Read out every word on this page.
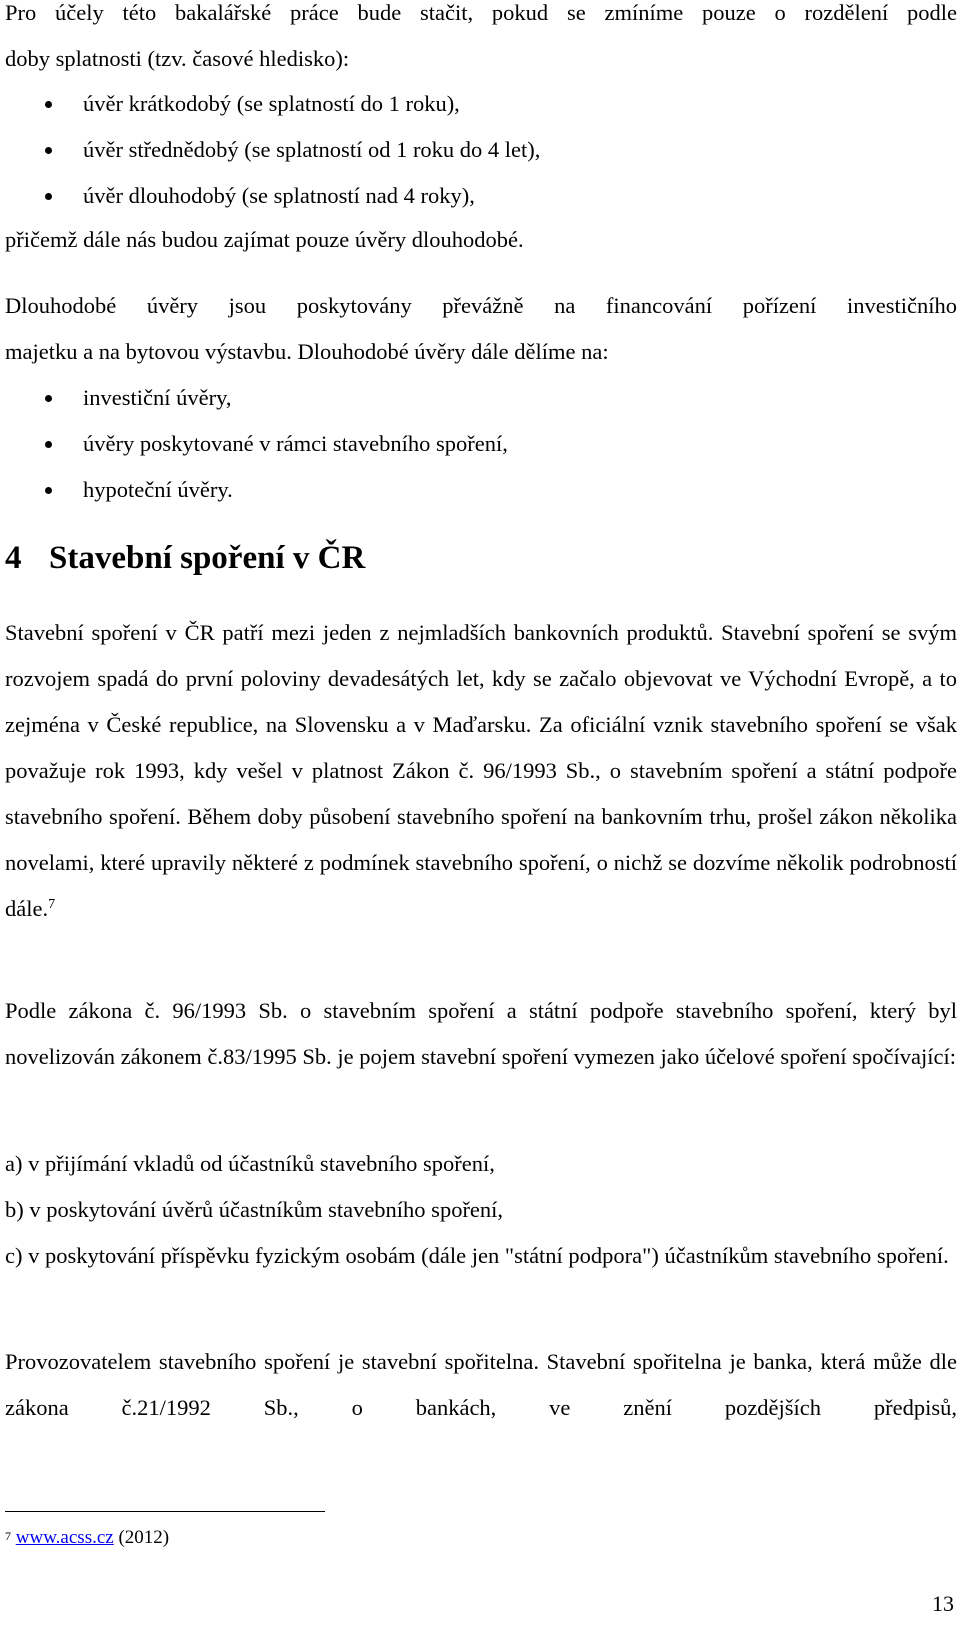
Pro účely této bakalářské práce bude stačit, pokud se zmíníme pouze o rozdělení podle

doby splatnosti (tzv. časové hledisko):

úvěr krátkodobý (se splatností do 1 roku),
úvěr střednědobý (se splatností od 1 roku do 4 let),
úvěr dlouhodobý (se splatností nad 4 roky),

přičemž dále nás budou zajímat pouze úvěry dlouhodobé.

Dlouhodobé úvěry jsou poskytovány převážně na financování pořízení investičního

majetku a na bytovou výstavbu. Dlouhodobé úvěry dále dělíme na:

investiční úvěry,
úvěry poskytované v rámci stavebního spoření,
hypoteční úvěry.
4 Stavební spoření v ČR

Stavební spoření v ČR patří mezi jeden z nejmladších bankovních produktů. Stavební spoření se svým rozvojem spadá do první poloviny devadesátých let, kdy se začalo objevovat ve Východní Evropě, a to zejména v České republice, na Slovensku a v Maďarsku. Za oficiální vznik stavebního spoření se však považuje rok 1993, kdy vešel v platnost Zákon č. 96/1993 Sb., o stavebním spoření a státní podpoře stavebního spoření. Během doby působení stavebního spoření na bankovním trhu, prošel zákon několika novelami, které upravily některé z podmínek stavebního spoření, o nichž se dozvíme několik podrobností dále.$^7$

Podle zákona č. 96/1993 Sb. o stavebním spoření a státní podpoře stavebního spoření, který byl novelizován zákonem č.83/1995 Sb. je pojem stavební spoření vymezen jako účelové spoření spočívající:

a) v přijímání vkladů od účastníků stavebního spoření,

b) v poskytování úvěrů účastníkům stavebního spoření,

c) v poskytování příspěvku fyzickým osobám (dále jen "státní podpora") účastníkům stavebního spoření.

Provozovatelem stavebního spoření je stavební spořitelna. Stavební spořitelna je banka, která může dle zákona č.21/1992 Sb., o bankách, ve znění pozdějších předpisů,

$^7$ www.acss.cz (2012)
13
